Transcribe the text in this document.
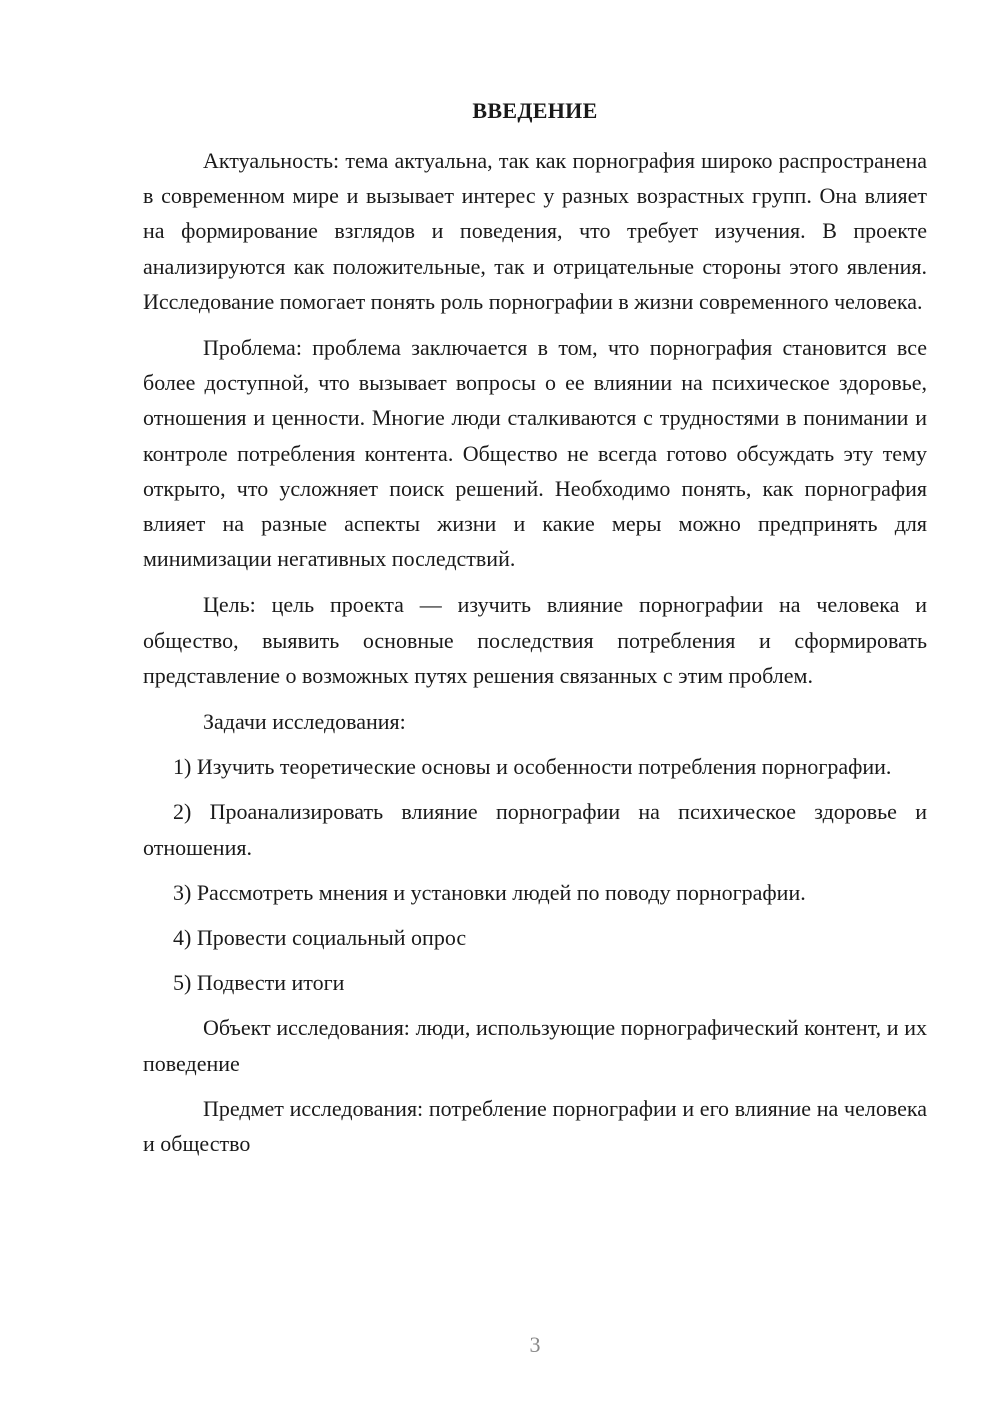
ВВЕДЕНИЕ

Актуальность: тема актуальна, так как порнография широко распространена в современном мире и вызывает интерес у разных возрастных групп. Она влияет на формирование взглядов и поведения, что требует изучения. В проекте анализируются как положительные, так и отрицательные стороны этого явления. Исследование помогает понять роль порнографии в жизни современного человека.

Проблема: проблема заключается в том, что порнография становится все более доступной, что вызывает вопросы о ее влиянии на психическое здоровье, отношения и ценности. Многие люди сталкиваются с трудностями в понимании и контроле потребления контента. Общество не всегда готово обсуждать эту тему открыто, что усложняет поиск решений. Необходимо понять, как порнография влияет на разные аспекты жизни и какие меры можно предпринять для минимизации негативных последствий.

Цель: цель проекта — изучить влияние порнографии на человека и общество, выявить основные последствия потребления и сформировать представление о возможных путях решения связанных с этим проблем.

Задачи исследования:

1) Изучить теоретические основы и особенности потребления порнографии.

2) Проанализировать влияние порнографии на психическое здоровье и отношения.

3) Рассмотреть мнения и установки людей по поводу порнографии.

4) Провести социальный опрос

5) Подвести итоги

Объект исследования: люди, использующие порнографический контент, и их поведение

Предмет исследования: потребление порнографии и его влияние на человека и общество

3
